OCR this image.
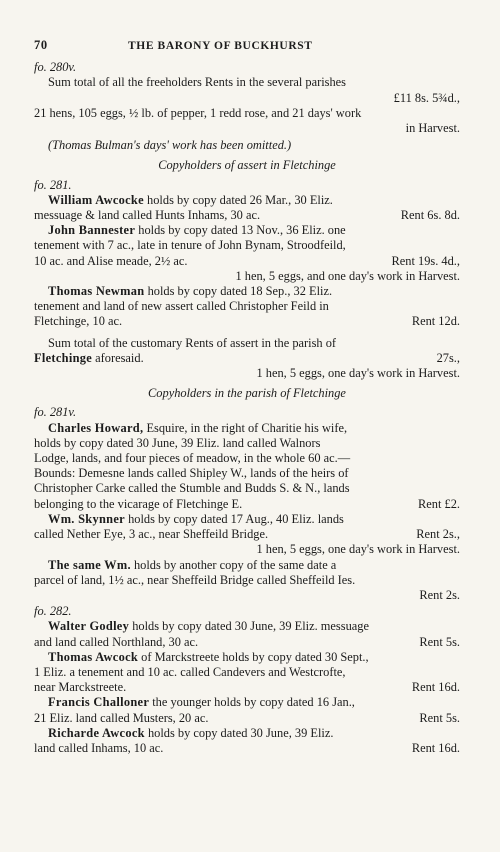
70	THE BARONY OF BUCKHURST
fo. 280v.

Sum total of all the freeholders Rents in the several parishes

£11 8s. 5¾d.,
21 hens, 105 eggs, ½ lb. of pepper, 1 redd rose, and 21 days' work
in Harvest.
(Thomas Bulman's days' work has been omitted.)
Copyholders of assert in Fletchinge
fo. 281.

William Awcocke holds by copy dated 26 Mar., 30 Eliz.

messuage & land called Hunts Inhams, 30 ac.	Rent 6s. 8d.

John Bannester holds by copy dated 13 Nov., 36 Eliz. one

tenement with 7 ac., late in tenure of John Bynam, Stroodfeild,
10 ac. and Alise meade, 2½ ac.	Rent 19s. 4d.,
1 hen, 5 eggs, and one day's work in Harvest.

Thomas Newman holds by copy dated 18 Sep., 32 Eliz.

tenement and land of new assert called Christopher Feild in
Fletchinge, 10 ac.	Rent 12d.

Sum total of the customary Rents of assert in the parish of

Fletchinge aforesaid.	27s.,
1 hen, 5 eggs, one day's work in Harvest.
Copyholders in the parish of Fletchinge
fo. 281v.

Charles Howard, Esquire, in the right of Charitie his wife,

holds by copy dated 30 June, 39 Eliz. land called Walnors
Lodge, lands, and four pieces of meadow, in the whole 60 ac.—
Bounds: Demesne lands called Shipley W., lands of the heirs of
Christopher Carke called the Stumble and Budds S. & N., lands
belonging to the vicarage of Fletchinge E.	Rent £2.

Wm. Skynner holds by copy dated 17 Aug., 40 Eliz. lands

called Nether Eye, 3 ac., near Sheffeild Bridge.	Rent 2s.,
1 hen, 5 eggs, one day's work in Harvest.

The same Wm. holds by another copy of the same date a

parcel of land, 1½ ac., near Sheffeild Bridge called Sheffeild Ies.
Rent 2s.
fo. 282.

Walter Godley holds by copy dated 30 June, 39 Eliz. messuage

and land called Northland, 30 ac.	Rent 5s.

Thomas Awcock of Marckstreete holds by copy dated 30 Sept.,

1 Eliz. a tenement and 10 ac. called Candevers and Westcrofte,
near Marckstreete.	Rent 16d.

Francis Challoner the younger holds by copy dated 16 Jan.,

21 Eliz. land called Musters, 20 ac.	Rent 5s.

Richarde Awcock holds by copy dated 30 June, 39 Eliz.

land called Inhams, 10 ac.	Rent 16d.
